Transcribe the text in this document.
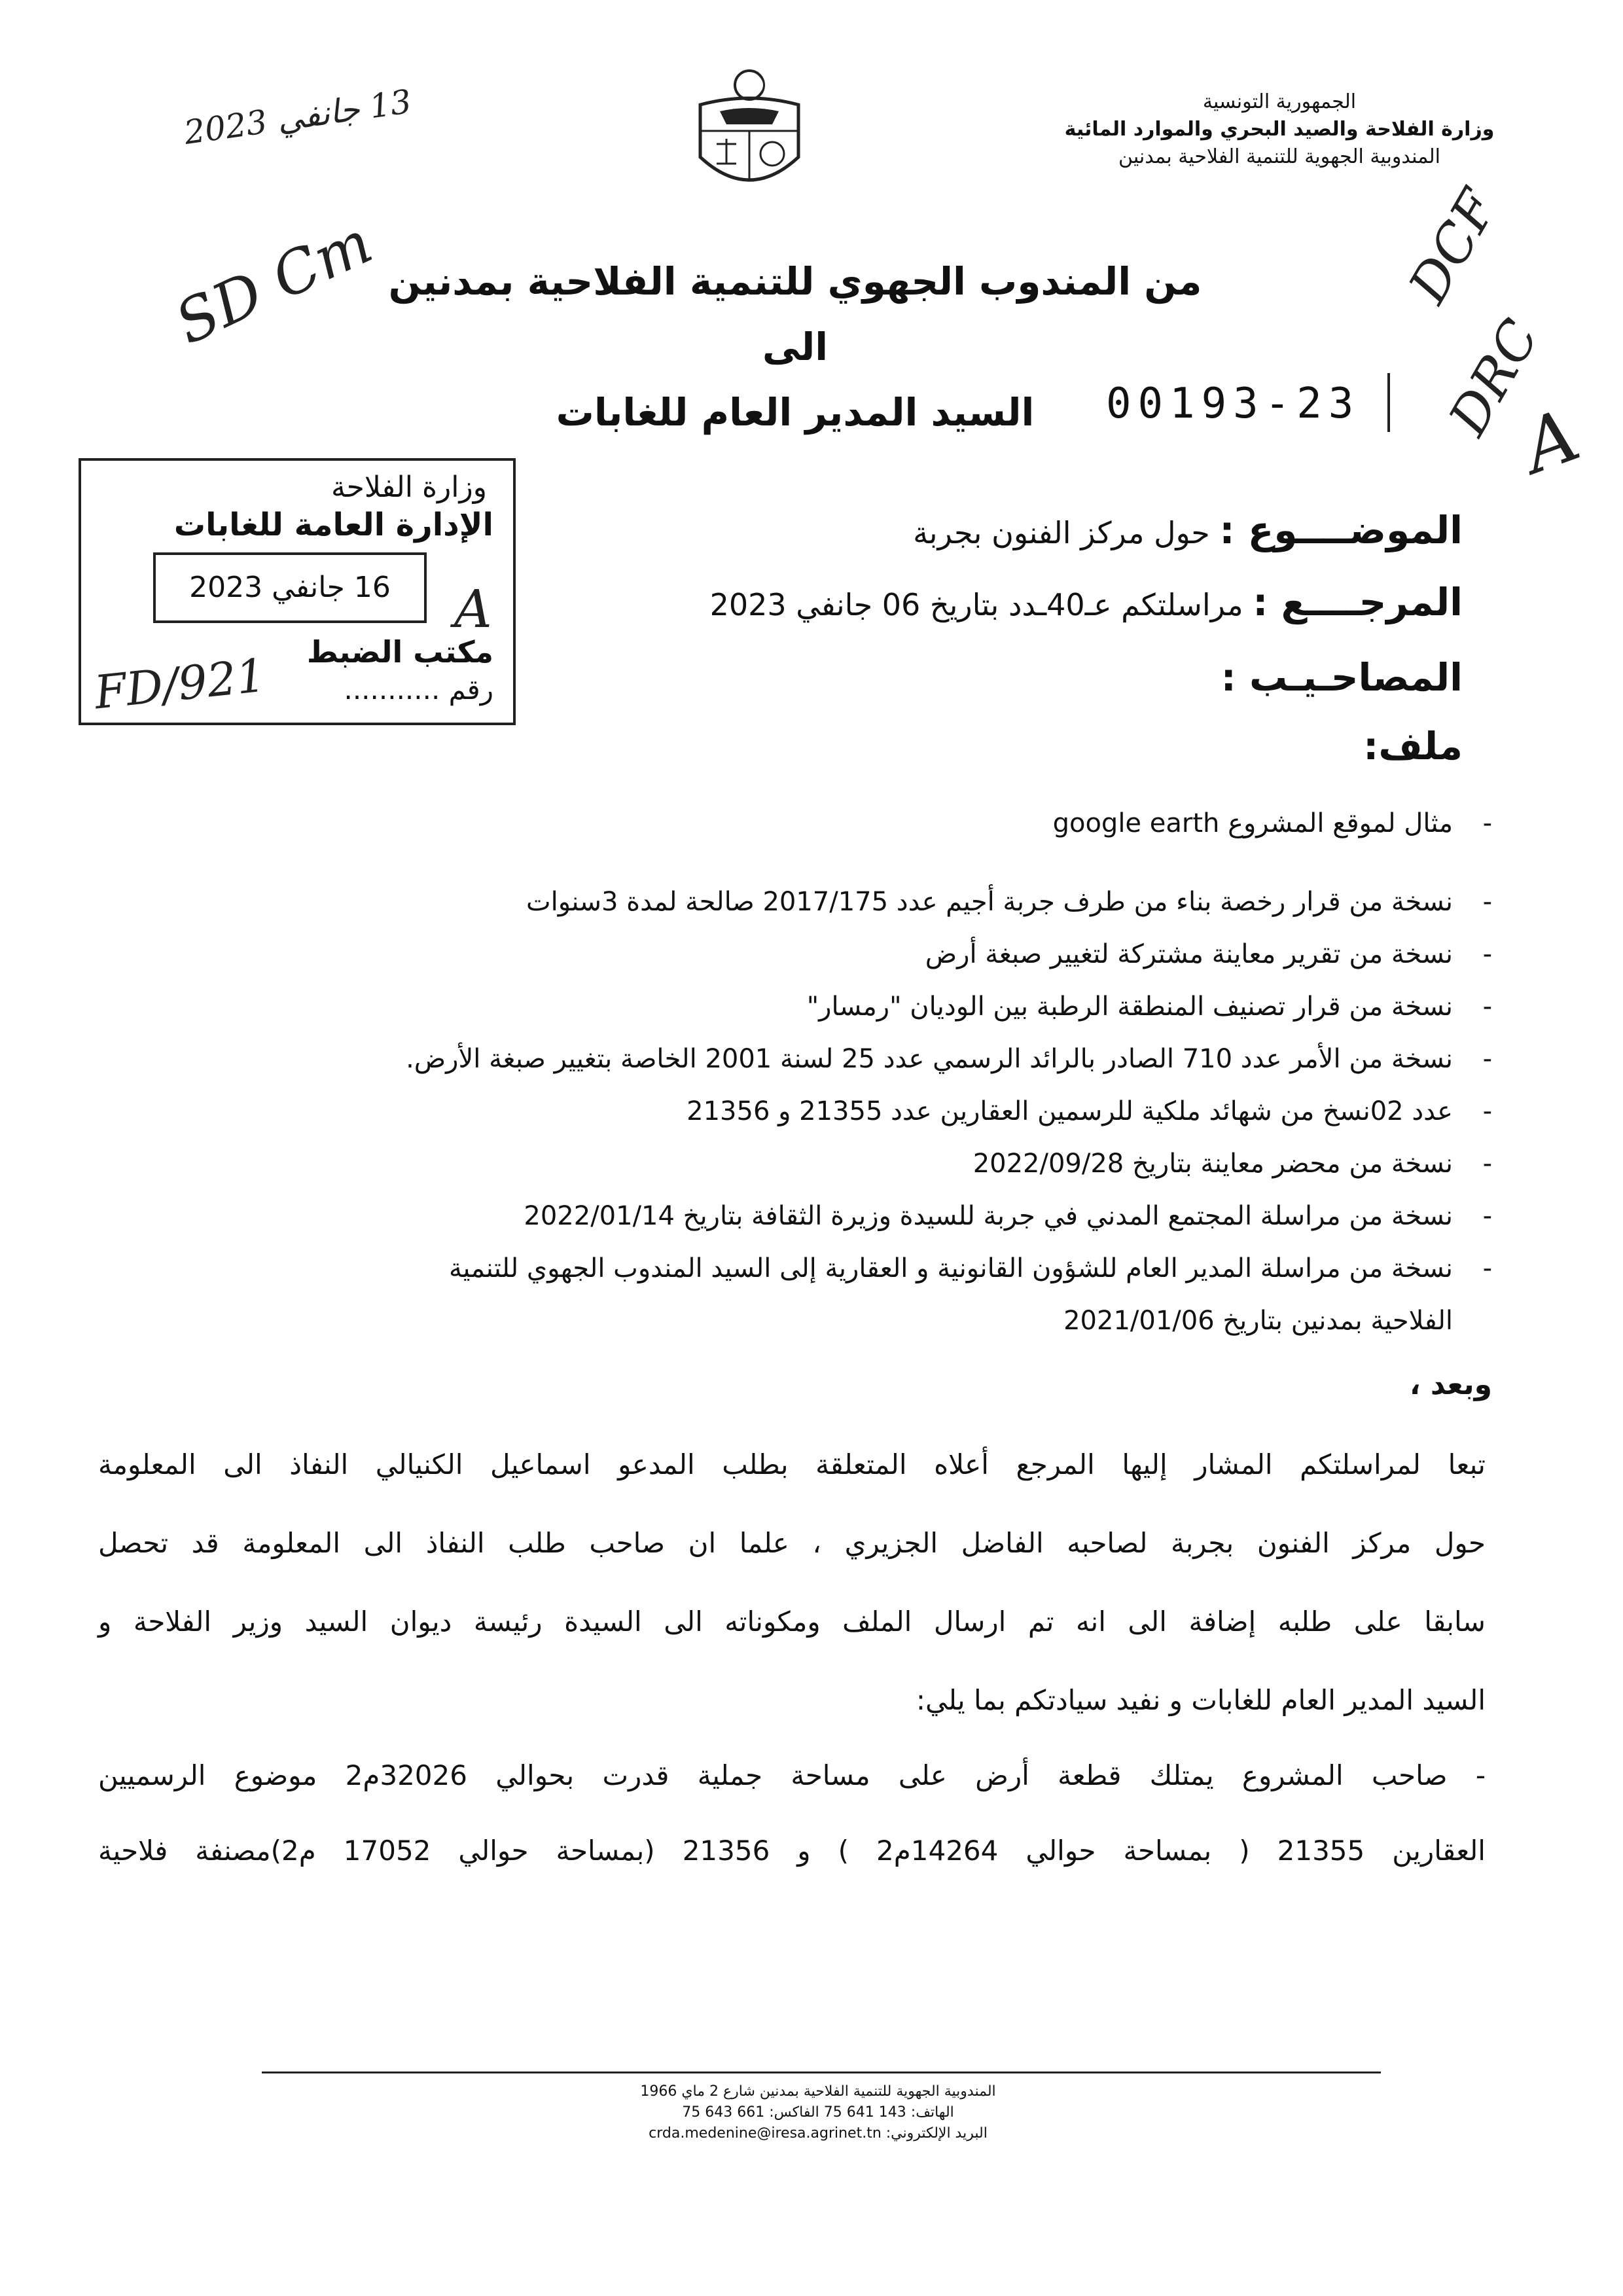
الجمهورية التونسية
وزارة الفلاحة والصيد البحري والموارد المائية
المندوبية الجهوية للتنمية الفلاحية بمدنين
13 جانفي 2023
SD Cm	DCF
DRC
A
من المندوب الجهوي للتنمية الفلاحية بمدنين
الى
السيد المدير العام للغابات	00193-23
وزارة الفلاحة
الإدارة العامة للغابات
16 جانفي 2023
مكتب الضبط
رقم ...........
FD/921
A
الموضــــوع : حول مركز الفنون بجربة
المرجــــع : مراسلتكم عـ40ـدد بتاريخ 06 جانفي 2023
المصاحـيـب :
ملف:
-
مثال لموقع المشروع google earth
-
نسخة من قرار رخصة بناء من طرف جربة أجيم عدد 2017/175 صالحة لمدة 3سنوات
-
نسخة من تقرير معاينة مشتركة لتغيير صبغة أرض
-
نسخة من قرار تصنيف المنطقة الرطبة بين الوديان "رمسار"
-
نسخة من الأمر عدد 710 الصادر بالرائد الرسمي عدد 25 لسنة 2001 الخاصة بتغيير صبغة الأرض.
-
عدد 02نسخ من شهائد ملكية للرسمين العقارين عدد 21355 و 21356
-
نسخة من محضر معاينة بتاريخ 2022/09/28
-
نسخة من مراسلة المجتمع المدني في جربة للسيدة وزيرة الثقافة بتاريخ 2022/01/14
-
نسخة من مراسلة المدير العام للشؤون القانونية و العقارية إلى السيد المندوب الجهوي للتنمية
الفلاحية بمدنين بتاريخ 2021/01/06
وبعد ،
تبعا لمراسلتكم المشار إليها المرجع أعلاه المتعلقة بطلب المدعو اسماعيل الكنيالي النفاذ الى المعلومة
حول مركز الفنون بجربة لصاحبه الفاضل الجزيري ، علما ان صاحب طلب النفاذ الى المعلومة قد تحصل
سابقا على طلبه إضافة الى انه تم ارسال الملف ومكوناته الى السيدة رئيسة ديوان السيد وزير الفلاحة و
السيد المدير العام للغابات و نفيد سيادتكم بما يلي:
- صاحب المشروع يمتلك قطعة أرض على مساحة جملية قدرت بحوالي 32026م2 موضوع الرسميين
العقارين 21355 ( بمساحة حوالي 14264م2 ) و 21356 (بمساحة حوالي 17052 م2)مصنفة فلاحية
المندوبية الجهوية للتنمية الفلاحية بمدنين شارع 2 ماي 1966
الهاتف: 143 641 75 الفاكس: 661 643 75
البريد الإلكتروني: crda.medenine@iresa.agrinet.tn
